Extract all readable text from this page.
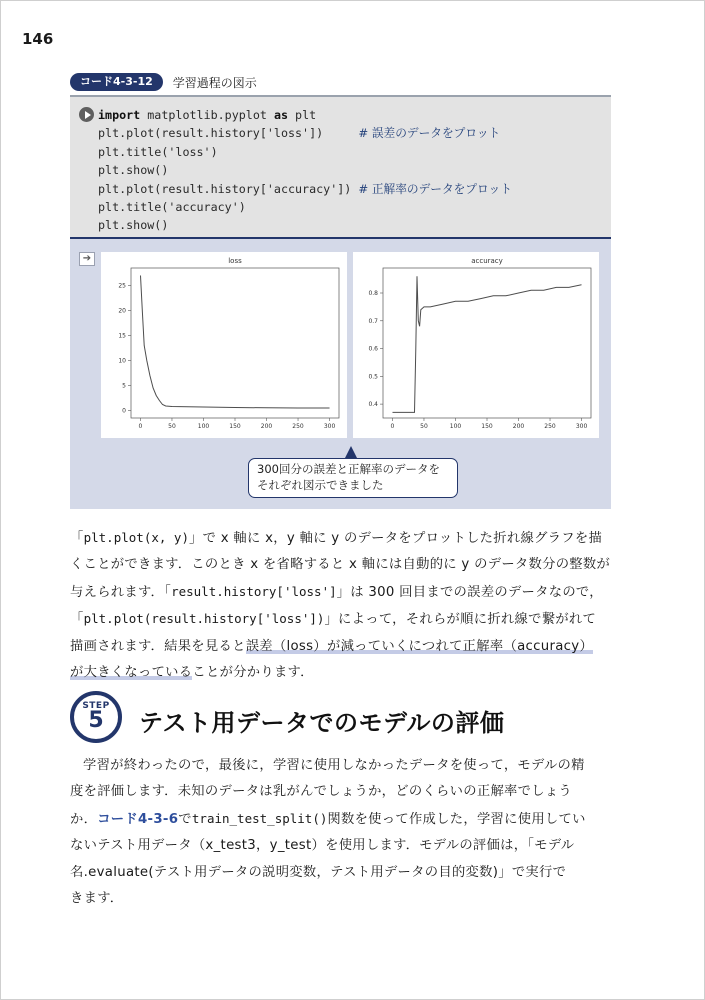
146
コード4-3-12	学習過程の図示
import matplotlib.pyplot as plt
plt.plot(result.history['loss'])     # 誤差のデータをプロット
plt.title('loss')
plt.show()
plt.plot(result.history['accuracy']) # 正解率のデータをプロット
plt.title('accuracy')
plt.show()
➔	loss
0	50	100	150	200	250	300
0
5
10
15
20
25
accuracy
0	50	100	150	200	250	300
0.4
0.5
0.6
0.7
0.8
300回分の誤差と正解率のデータを
それぞれ図示できました
「plt.plot(x, y)」で x 軸に x，y 軸に y のデータをプロットした折れ線グラフを描
くことができます．このとき x を省略すると x 軸には自動的に y のデータ数分の整数が
与えられます．「result.history['loss']」は 300 回目までの誤差のデータなので，
「plt.plot(result.history['loss'])」によって，それらが順に折れ線で繋がれて
描画されます．結果を見ると誤差（loss）が減っていくにつれて正解率（accuracy）
が大きくなっていることが分かります．
STEP
5	テスト用データでのモデルの評価
学習が終わったので，最後に，学習に使用しなかったデータを使って，モデルの精
度を評価します．未知のデータは乳がんでしょうか，どのくらいの正解率でしょう
か．コード4-3-6でtrain_test_split()関数を使って作成した，学習に使用してい
ないテスト用データ（x_test3，y_test）を使用します．モデルの評価は，「モデル
名.evaluate(テスト用データの説明変数，テスト用データの目的変数)」で実行で
きます．
